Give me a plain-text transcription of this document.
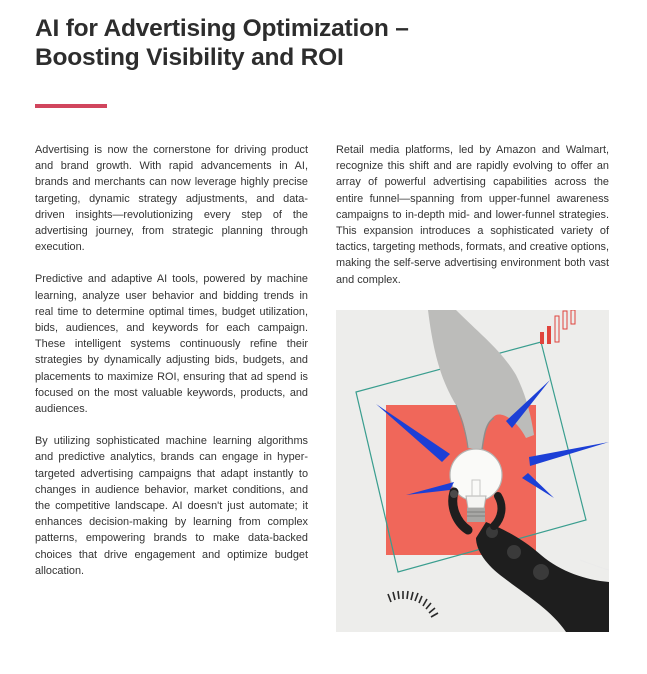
AI for Advertising Optimization –
Boosting Visibility and ROI

Advertising is now the cornerstone for driving product and brand growth. With rapid advancements in AI, brands and merchants can now leverage highly precise targeting, dynamic strategy adjustments, and data-driven insights—revolutionizing every step of the advertising journey, from strategic planning through execution.

Predictive and adaptive AI tools, powered by machine learning, analyze user behavior and bidding trends in real time to determine optimal times, budget utilization, bids, audiences, and keywords for each campaign. These intelligent systems continuously refine their strategies by dynamically adjusting bids, budgets, and placements to maximize ROI, ensuring that ad spend is focused on the most valuable keywords, products, and audiences.

By utilizing sophisticated machine learning algorithms and predictive analytics, brands can engage in hyper-targeted advertising campaigns that adapt instantly to changes in audience behavior, market conditions, and the competitive landscape. AI doesn't just automate; it enhances decision-making by learning from complex patterns, empowering brands to make data-backed choices that drive engagement and optimize budget allocation.

Retail media platforms, led by Amazon and Walmart, recognize this shift and are rapidly evolving to offer an array of powerful advertising capabilities across the entire funnel—spanning from upper-funnel awareness campaigns to in-depth mid- and lower-funnel strategies. This expansion introduces a sophisticated variety of tactics, targeting methods, formats, and creative options, making the self-serve advertising environment both vast and complex.
